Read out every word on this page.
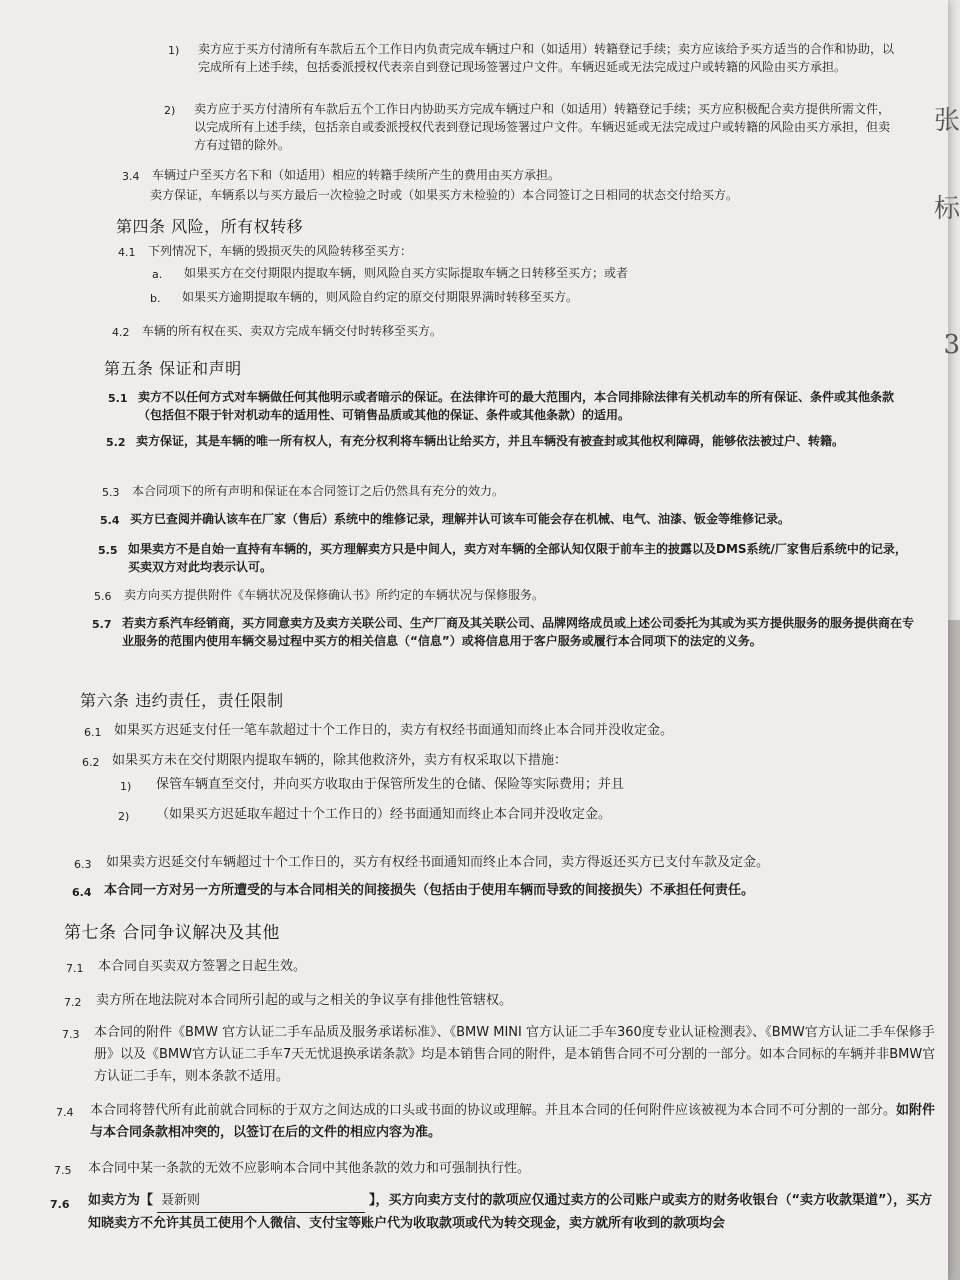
1) 卖方应于买方付清所有车款后五个工作日内负责完成车辆过户和（如适用）转籍登记手续；卖方应该给予买方适当的合作和协助，以完成所有上述手续，包括委派授权代表亲自到登记现场签署过户文件。车辆迟延或无法完成过户或转籍的风险由买方承担。
2) 卖方应于买方付清所有车款后五个工作日内协助买方完成车辆过户和（如适用）转籍登记手续；买方应积极配合卖方提供所需文件，以完成所有上述手续，包括亲自或委派授权代表到登记现场签署过户文件。车辆迟延或无法完成过户或转籍的风险由买方承担，但卖方有过错的除外。
3.4 车辆过户至买方名下和（如适用）相应的转籍手续所产生的费用由买方承担。
卖方保证，车辆系以与买方最后一次检验之时或（如果买方未检验的）本合同签订之日相同的状态交付给买方。
第四条 风险，所有权转移
4.1 下列情况下，车辆的毁损灭失的风险转移至买方：
a. 如果买方在交付期限内提取车辆，则风险自买方实际提取车辆之日转移至买方；或者
b. 如果买方逾期提取车辆的，则风险自约定的原交付期限界满时转移至买方。
4.2 车辆的所有权在买、卖双方完成车辆交付时转移至买方。
第五条 保证和声明
5.1 卖方不以任何方式对车辆做任何其他明示或者暗示的保证。在法律许可的最大范围内，本合同排除法律有关机动车的所有保证、条件或其他条款（包括但不限于针对机动车的适用性、可销售品质或其他的保证、条件或其他条款）的适用。
5.2 卖方保证，其是车辆的唯一所有权人，有充分权利将车辆出让给买方，并且车辆没有被查封或其他权利障碍，能够依法被过户、转籍。
5.3 本合同项下的所有声明和保证在本合同签订之后仍然具有充分的效力。
5.4 买方已查阅并确认该车在厂家（售后）系统中的维修记录，理解并认可该车可能会存在机械、电气、油漆、钣金等维修记录。
5.5 如果卖方不是自始一直持有车辆的，买方理解卖方只是中间人，卖方对车辆的全部认知仅限于前车主的披露以及DMS系统/厂家售后系统中的记录，买卖双方对此均表示认可。
5.6 卖方向买方提供附件《车辆状况及保修确认书》所约定的车辆状况与保修服务。
5.7 若卖方系汽车经销商，买方同意卖方及卖方关联公司、生产厂商及其关联公司、品牌网络成员或上述公司委托为其或为买方提供服务的服务提供商在专业服务的范围内使用车辆交易过程中买方的相关信息（“信息”）或将信息用于客户服务或履行本合同项下的法定的义务。
第六条 违约责任，责任限制
6.1 如果买方迟延支付任一笔车款超过十个工作日的，卖方有权经书面通知而终止本合同并没收定金。
6.2 如果买方未在交付期限内提取车辆的，除其他救济外，卖方有权采取以下措施：
1) 保管车辆直至交付，并向买方收取由于保管所发生的仓储、保险等实际费用；并且
2) （如果买方迟延取车超过十个工作日的）经书面通知而终止本合同并没收定金。
6.3 如果卖方迟延交付车辆超过十个工作日的，买方有权经书面通知而终止本合同，卖方得返还买方已支付车款及定金。
6.4 本合同一方对另一方所遭受的与本合同相关的间接损失（包括由于使用车辆而导致的间接损失）不承担任何责任。
第七条 合同争议解决及其他
7.1 本合同自买卖双方签署之日起生效。
7.2 卖方所在地法院对本合同所引起的或与之相关的争议享有排他性管辖权。
7.3 本合同的附件《BMW 官方认证二手车品质及服务承诺标准》、《BMW MINI 官方认证二手车360度专业认证检测表》、《BMW官方认证二手车保修手册》以及《BMW官方认证二手车7天无忧退换承诺条款》均是本销售合同的附件，是本销售合同不可分割的一部分。如本合同标的车辆并非BMW官方认证二手车，则本条款不适用。
7.4 本合同将替代所有此前就合同标的于双方之间达成的口头或书面的协议或理解。并且本合同的任何附件应该被视为本合同不可分割的一部分。如附件与本合同条款相冲突的，以签订在后的文件的相应内容为准。
7.5 本合同中某一条款的无效不应影响本合同中其他条款的效力和可强制执行性。
7.6 如卖方为【 聂新则	】，买方向卖方支付的款项应仅通过卖方的公司账户或卖方的财务收银台（“卖方收款渠道”），买方知晓卖方不允许其员工使用个人微信、支付宝等账户代为收取款项或代为转交现金，卖方就所有收到的款项均会
张
标
3
